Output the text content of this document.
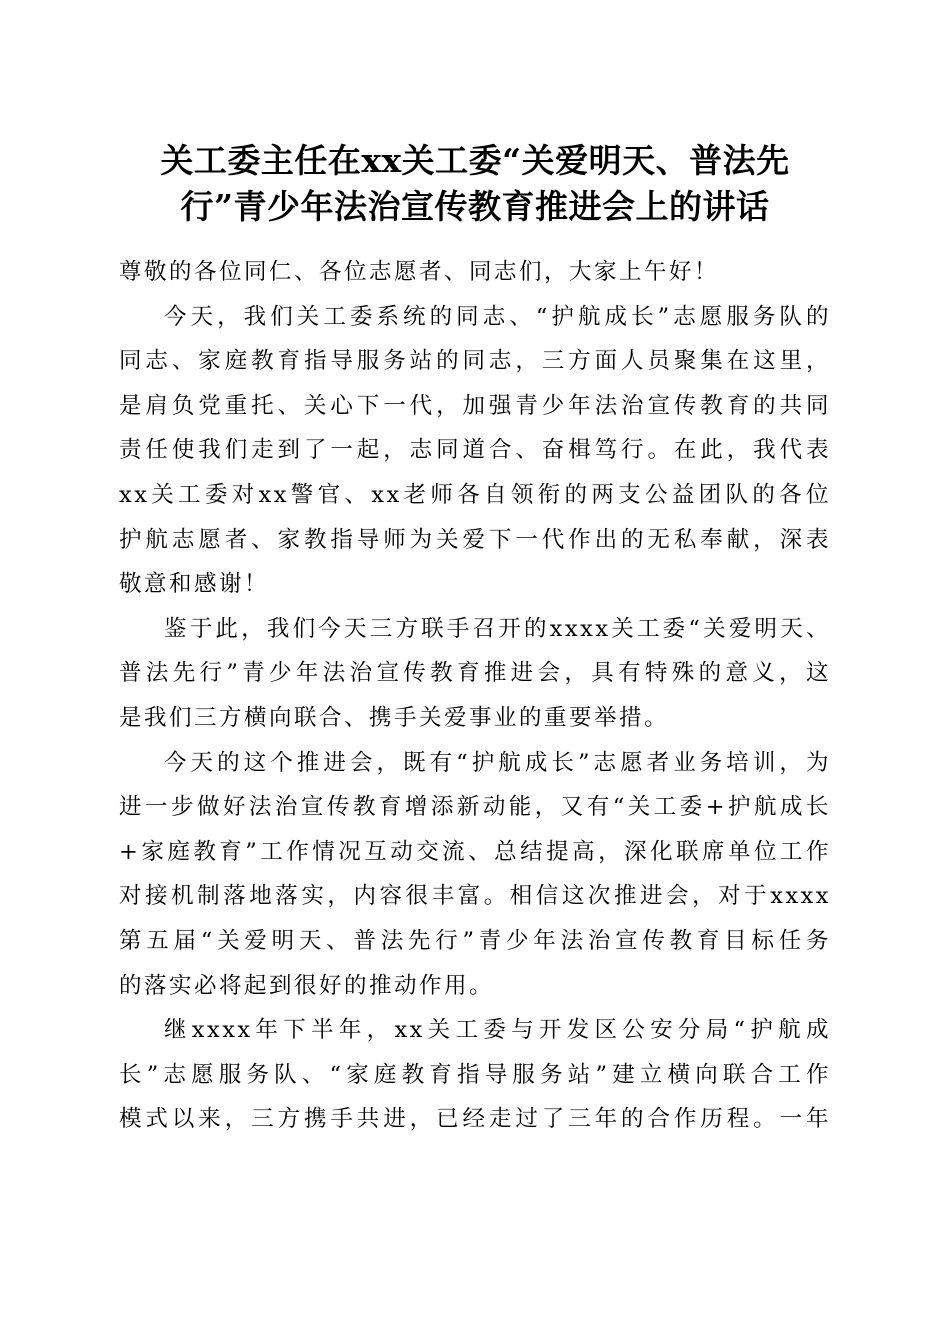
关工委主任在xx关工委“关爱明天、普法先
行”青少年法治宣传教育推进会上的讲话
尊敬的各位同仁、各位志愿者、同志们，大家上午好！
今天，我们关工委系统的同志、“护航成长”志愿服务队的
同志、家庭教育指导服务站的同志，三方面人员聚集在这里，
是肩负党重托、关心下一代，加强青少年法治宣传教育的共同
责任使我们走到了一起，志同道合、奋楫笃行。在此，我代表
xx关工委对xx警官、xx老师各自领衔的两支公益团队的各位
护航志愿者、家教指导师为关爱下一代作出的无私奉献，深表
敬意和感谢！
鉴于此，我们今天三方联手召开的xxxx关工委“关爱明天、
普法先行”青少年法治宣传教育推进会，具有特殊的意义，这
是我们三方横向联合、携手关爱事业的重要举措。
今天的这个推进会，既有“护航成长”志愿者业务培训，为
进一步做好法治宣传教育增添新动能，又有“关工委+护航成长
+家庭教育”工作情况互动交流、总结提高，深化联席单位工作
对接机制落地落实，内容很丰富。相信这次推进会，对于xxxx
第五届“关爱明天、普法先行”青少年法治宣传教育目标任务
的落实必将起到很好的推动作用。
继xxxx年下半年，xx关工委与开发区公安分局“护航成
长”志愿服务队、“家庭教育指导服务站”建立横向联合工作
模式以来，三方携手共进，已经走过了三年的合作历程。一年
